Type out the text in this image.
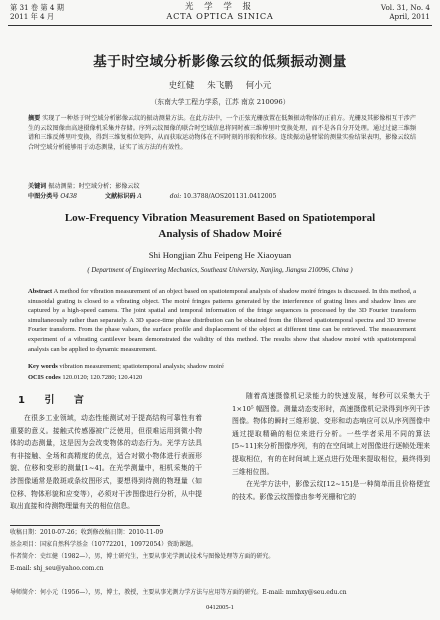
第 31 卷 第 4 期
2011 年 4 月
光 学 学 报
ACTA OPTICA SINICA
Vol. 31, No. 4
April, 2011
基于时空域分析影像云纹的低频振动测量
史红健 朱飞鹏 何小元
（东南大学工程力学系，江苏 南京 210096）
摘要 实现了一种基于时空域分析影像云纹的振动测量方法。在此方法中，一个正弦光栅放置在低频振动物体的正前方。光栅及其影像相互干涉产生的云纹图像由高速摄像机采集并存储。序列云纹图像的联合时空域信息将同时被三维傅里叶变换处理，而不是各自分开处理。通过过滤三维频谱和三维反傅里叶变换，得到三维复相位矩阵，从而获取运动物体在不同时刻的形貌和位移。连续振动悬臂梁的测量实验结果表明，影像云纹结合时空域分析能够用于动态测量，证实了该方法的有效性。
关键词 振动测量；时空域分析；影像云纹
中图分类号 O438	文献标识码 A	doi: 10.3788/AOS201131.0412005
Low-Frequency Vibration Measurement Based on Spatiotemporal
Analysis of Shadow Moiré
Shi Hongjian Zhu Feipeng He Xiaoyuan
( Department of Engineering Mechanics, Southeast University, Nanjing, Jiangsu 210096, China )
Abstract A method for vibration measurement of an object based on spatiotemporal analysis of shadow moiré fringes is discussed. In this method, a sinusoidal grating is closed to a vibrating object. The moiré fringes patterns generated by the interference of grating lines and shadow lines are captured by a high-speed camera. The joint spatial and temporal information of the fringe sequences is processed by the 3D Fourier transform simultaneously rather than separately. A 3D space-time phase distribution can be obtained from the filtered spatiotemporal spectra and 3D inverse Fourier transform. From the phase values, the surface profile and displacement of the object at different time can be retrieved. The measurement experiment of a vibrating cantilever beam demonstrated the validity of this method. The results show that shadow moiré with spatiotemporal analysis can be applied to dynamic measurement.
Key words vibration measurement; spatiotemporal analysis; shadow moiré
OCIS codes 120.0120; 120.7280; 120.4120
1 引 言

在很多工业领域，动态性能测试对于提高结构可靠性有着重要的意义。接触式传感器被广泛使用，但很难运用到微小物体的动态测量，这是因为会改变物体的动态行为。光学方法具有非接触、全场和高精度的优点，适合对微小物体进行表面形貌、位移和变形的测量[1~4]。在光学测量中，相机采集的干涉图像通常是散斑或条纹图形式，要想得到待测的物理量（如位移、物体形貌和应变等），必须对干涉图像进行分析，从中提取出直接和待测物理量有关的相位信息。

随着高速摄像机记录能力的快速发展，每秒可以采集大于 1×10⁵ 幅图像。测量动态变形时，高速摄像机记录得到序列干涉图像。物体的瞬时三维形貌、变形和动态响应可以从序列图像中通过提取精确的相位来进行分析。一些学者采用不同的算法[5~11]来分析图像序列，有的在空间域上对图像进行逐帧处理来提取相位，有的在时间域上逐点进行处理来提取相位，最终得到三维相位图。

在光学方法中，影像云纹[12~15]是一种简单而且价格便宜的技术。影像云纹图像由参考光栅和它的

收稿日期：2010-07-26；收到修改稿日期：2010-11-09
基金项目：国家自然科学基金（10772201，10972054）资助课题。
作者简介：史红健（1982—），男，博士研究生，主要从事光学测试技术与图像处理等方面的研究。
E-mail: shj_seu@yahoo.com.cn
导师简介：何小元（1956—），男，博士，教授，主要从事光测力学方法与应用等方面的研究。E-mail: mmhxy@seu.edu.cn
0412005-1
